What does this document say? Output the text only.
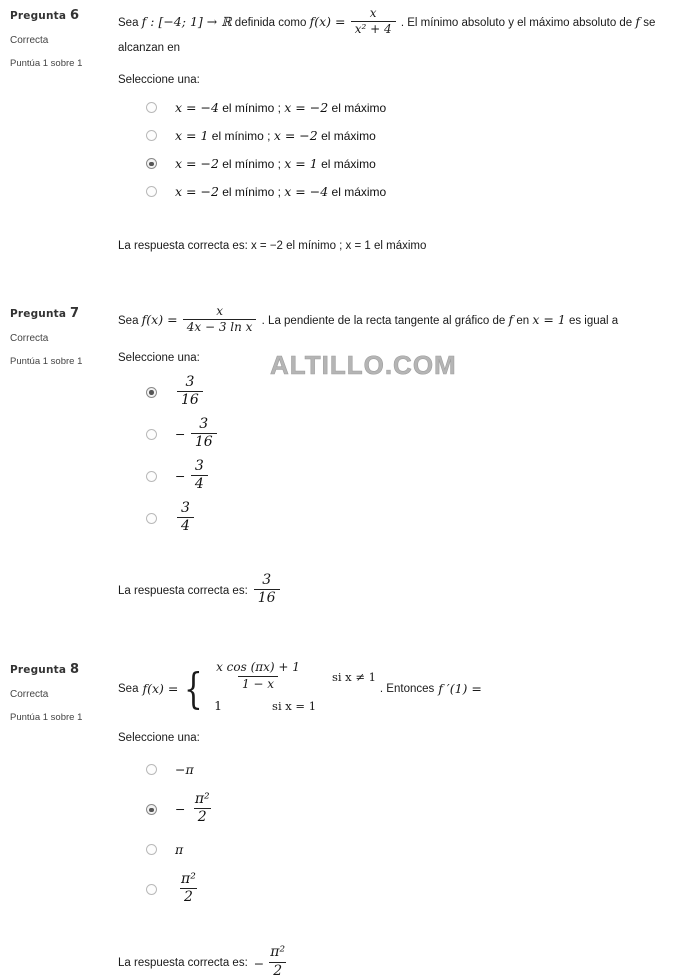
ALTILLO.COM
Pregunta 6
Correcta
Puntúa 1 sobre 1
Sea f : [−4; 1] → ℝ definida como $f(x) = \frac{x}{\text{x² + 4}}$ . El mínimo absoluto y el máximo absoluto de f se alcanzan en
Seleccione una:
x = −4 el mínimo ; x = −2 el máximo
x = 1 el mínimo ; x = −2 el máximo
x = −2 el mínimo ; x = 1 el máximo
x = −2 el mínimo ; x = −4 el máximo
La respuesta correcta es: x = −2 el mínimo ; x = 1 el máximo
Pregunta 7
Correcta
Puntúa 1 sobre 1
Sea $f(x) = \frac{x}{\text{4x − 3 ln x}}$ . La pendiente de la recta tangente al gráfico de f en x = 1 es igual a
Seleccione una:
$\frac{3}{16}$
− $\frac{3}{16}$
− $\frac{3}{4}$
$\frac{3}{4}$
La respuesta correcta es: $\frac{3}{16}$
Pregunta 8
Correcta
Puntúa 1 sobre 1
Sea f(x) = { $\frac{\text{x cos (πx) + 1}}{1 - x}$ si x ≠ 1
1	si x = 1
. Entonces f ′(1) =
Seleccione una:
−π
− $\frac{\text{π²}}{2}$
π
$\frac{\text{π²}}{2}$
La respuesta correcta es: − $\frac{\text{π²}}{2}$
